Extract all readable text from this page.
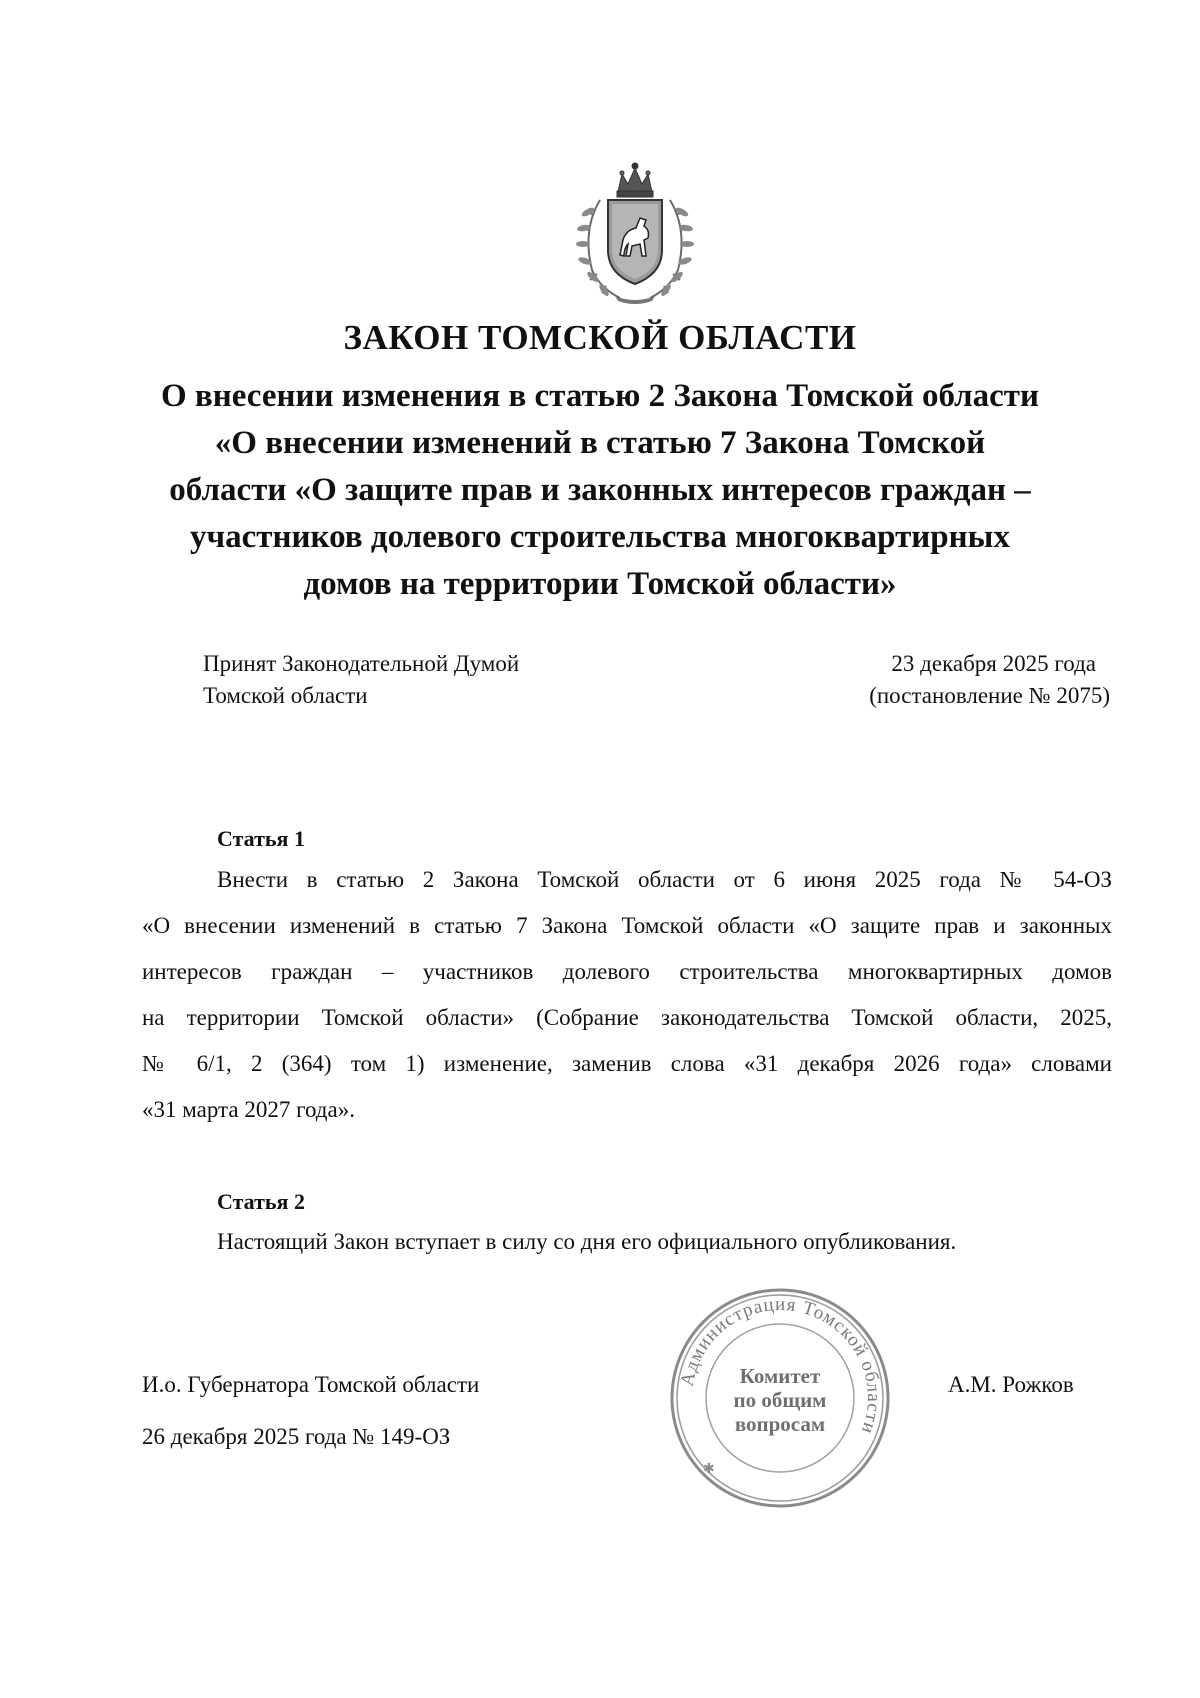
ЗАКОН ТОМСКОЙ ОБЛАСТИ
О внесении изменения в статью 2 Закона Томской области
«О внесении изменений в статью 7 Закона Томской
области «О защите прав и законных интересов граждан –
участников долевого строительства многоквартирных
домов на территории Томской области»
Принят Законодательной Думой
Томской области
23 декабря 2025 года
(постановление № 2075)
Статья 1

Внести в статью 2 Закона Томской области от 6 июня 2025 года № 54-ОЗ
«О внесении изменений в статью 7 Закона Томской области «О защите прав и законных
интересов граждан – участников долевого строительства многоквартирных домов
на территории Томской области» (Собрание законодательства Томской области, 2025,
№ 6/1, 2 (364) том 1) изменение, заменив слова «31 декабря 2026 года» словами
«31 марта 2027 года».

Статья 2

Настоящий Закон вступает в силу со дня его официального опубликования.

И.о. Губернатора Томской области
26 декабря 2025 года № 149-ОЗ
А.М. Рожков
Администрация Томской области
✱
Комитет
по общим
вопросам
